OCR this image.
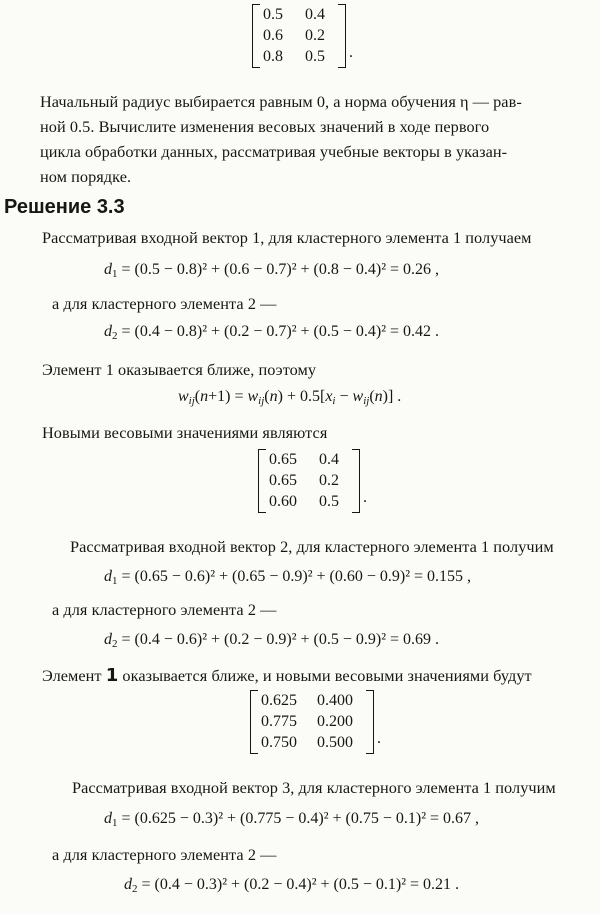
0.5	0.4
0.6	0.2
0.8	0.5	.
Начальный радиус выбирается равным 0, а норма обучения η — рав-
ной 0.5. Вычислите изменения весовых значений в ходе первого
цикла обработки данных, рассматривая учебные векторы в указан-
ном порядке.
Решение 3.3
Рассматривая входной вектор 1, для кластерного элемента 1 получаем
$d_1 = (0.5 - 0.8)^2 + (0.6 - 0.7)^2 + (0.8 - 0.4)^2 = 0.26$ ,
а для кластерного элемента 2 —
$d_2 = (0.4 - 0.8)^2 + (0.2 - 0.7)^2 + (0.5 - 0.4)^2 = 0.42$ .
Элемент 1 оказывается ближе, поэтому
$w_{ij}(n+1) = w_{ij}(n) + 0.5[x_i - w_{ij}(n)]$ .
Новыми весовыми значениями являются
0.65	0.4
0.65	0.2
0.60	0.5	.
Рассматривая входной вектор 2, для кластерного элемента 1 получим
$d_1 = (0.65 - 0.6)^2 + (0.65 - 0.9)^2 + (0.60 - 0.9)^2 = 0.155$ ,
а для кластерного элемента 2 —
$d_2 = (0.4 - 0.6)^2 + (0.2 - 0.9)^2 + (0.5 - 0.9)^2 = 0.69$ .
Элемент 1 оказывается ближе, и новыми весовыми значениями будут
0.625	0.400
0.775	0.200
0.750	0.500	.
Рассматривая входной вектор 3, для кластерного элемента 1 получим
$d_1 = (0.625 - 0.3)^2 + (0.775 - 0.4)^2 + (0.75 - 0.1)^2 = 0.67$ ,
а для кластерного элемента 2 —
$d_2 = (0.4 - 0.3)^2 + (0.2 - 0.4)^2 + (0.5 - 0.1)^2 = 0.21$ .
